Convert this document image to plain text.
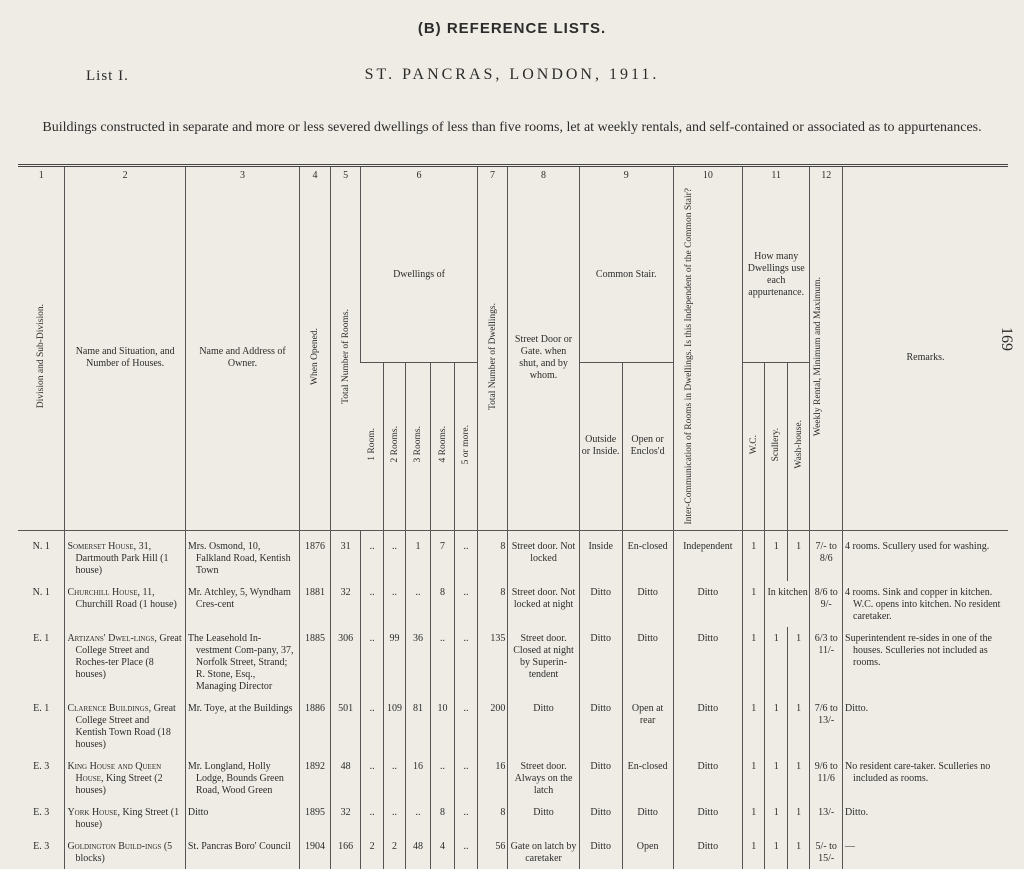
(B) REFERENCE LISTS.
List I.	ST. PANCRAS, LONDON, 1911.
Buildings constructed in separate and more or less severed dwellings of less than five rooms, let at weekly rentals, and self-contained or associated as to appurtenances.
169
1	2	3	4	5	6					7	8	9		10	11			12	
Division and Sub-Division.	Name and Situation, and Number of Houses.	Name and Address of Owner.	When Opened.	Total Number of Rooms.	Dwellings of					Total Number of Dwellings.	Street Door or Gate. when shut, and by whom.	Common Stair.		Inter-Communication of Rooms in Dwellings. Is this Independent of the Common Stair?	How many Dwellings use each appurtenance.			Weekly Rental, Minimum and Maximum.	Remarks.
					1 Room.	2 Rooms.	3 Rooms.	4 Rooms.	5 or more.			Outside or Inside.	Open or Enclos'd		W.C.	Scullery.	Wash-house.		
N. 1	Somerset House, 31, Dartmouth Park Hill (1 house)	Mrs. Osmond, 10, Falkland Road, Kentish Town	1876	31	..	..	1	7	..	8	Street door. Not locked	Inside	En-closed	Independent	1	1	1	7/- to 8/6	4 rooms. Scullery used for washing.

N. 1	Churchill House, 11, Churchill Road (1 house)	Mr. Atchley, 5, Wyndham Cres-cent	1881	32	..	..	..	8	..	8	Street door. Not locked at night	Ditto	Ditto	Ditto	1	In kitchen		8/6 to 9/-	4 rooms. Sink and copper in kitchen. W.C. opens into kitchen. No resident caretaker.

E. 1	Artizans' Dwel-lings, Great College Street and Roches-ter Place (8 houses)	The Leasehold In-vestment Com-pany, 37, Norfolk Street, Strand; R. Stone, Esq., Managing Director	1885	306	..	99	36	..	..	135	Street door. Closed at night by Superin-tendent	Ditto	Ditto	Ditto	1	1	1	6/3 to 11/-	Superintendent re-sides in one of the houses. Sculleries not included as rooms.

E. 1	Clarence Buildings, Great College Street and Kentish Town Road (18 houses)	Mr. Toye, at the Buildings	1886	501	..	109	81	10	..	200	Ditto	Ditto	Open at rear	Ditto	1	1	1	7/6 to 13/-	Ditto.

E. 3	King House and Queen House, King Street (2 houses)	Mr. Longland, Holly Lodge, Bounds Green Road, Wood Green	1892	48	..	..	16	..	..	16	Street door. Always on the latch	Ditto	En-closed	Ditto	1	1	1	9/6 to 11/6	No resident care-taker. Sculleries no included as rooms.

E. 3	York House, King Street (1 house)	Ditto	1895	32	..	..	..	8	..	8	Ditto	Ditto	Ditto	Ditto	1	1	1	13/-	Ditto.

E. 3	Goldington Build-ings (5 blocks)	St. Pancras Boro' Council	1904	166	2	2	48	4	..	56	Gate on latch by caretaker	Ditto	Open	Ditto	1	1	1	5/- to 15/-	—
